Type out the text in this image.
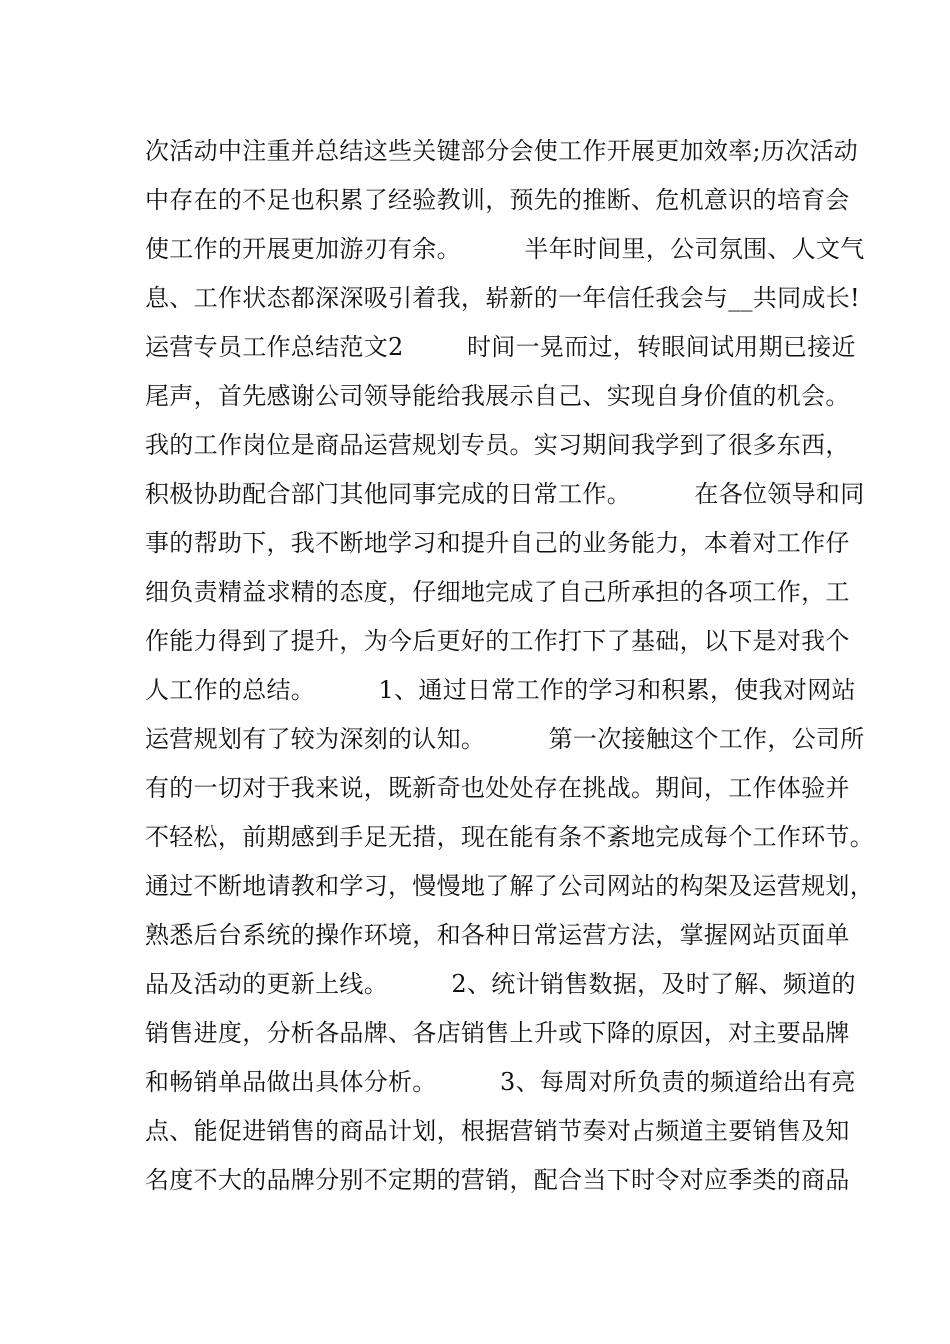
次活动中注重并总结这些关键部分会使工作开展更加效率;历次活动
中存在的不足也积累了经验教训，预先的推断、危机意识的培育会
使工作的开展更加游刃有余。        半年时间里，公司氛围、人文气
息、工作状态都深深吸引着我，崭新的一年信任我会与__共同成长!
运营专员工作总结范文2        时间一晃而过，转眼间试用期已接近
尾声，首先感谢公司领导能给我展示自己、实现自身价值的机会。
我的工作岗位是商品运营规划专员。实习期间我学到了很多东西，
积极协助配合部门其他同事完成的日常工作。        在各位领导和同
事的帮助下，我不断地学习和提升自己的业务能力，本着对工作仔
细负责精益求精的态度，仔细地完成了自己所承担的各项工作，工
作能力得到了提升，为今后更好的工作打下了基础，以下是对我个
人工作的总结。        1、通过日常工作的学习和积累，使我对网站
运营规划有了较为深刻的认知。        第一次接触这个工作，公司所
有的一切对于我来说，既新奇也处处存在挑战。期间，工作体验并
不轻松，前期感到手足无措，现在能有条不紊地完成每个工作环节。
通过不断地请教和学习，慢慢地了解了公司网站的构架及运营规划，
熟悉后台系统的操作环境，和各种日常运营方法，掌握网站页面单
品及活动的更新上线。        2、统计销售数据，及时了解、频道的
销售进度，分析各品牌、各店销售上升或下降的原因，对主要品牌
和畅销单品做出具体分析。        3、每周对所负责的频道给出有亮
点、能促进销售的商品计划，根据营销节奏对占频道主要销售及知
名度不大的品牌分别不定期的营销，配合当下时令对应季类的商品
